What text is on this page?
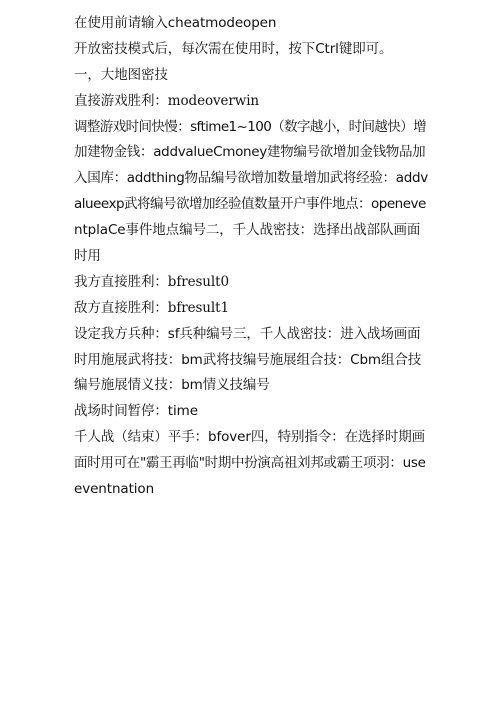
在使用前请输入cheatmodeopen
开放密技模式后，每次需在使用时，按下Ctrl键即可。
一，大地图密技
直接游戏胜利：modeoverwin
调整游戏时间快慢：sftime1~100（数字越小，时间越快）增
加建物金钱：addvalueCmoney建物编号欲增加金钱物品加
入国库：addthing物品编号欲增加数量增加武将经验：addv
alueexp武将编号欲增加经验值数量开户事件地点：openeve
ntplaCe事件地点编号二，千人战密技：选择出战部队画面
时用
我方直接胜利：bfresult0
敌方直接胜利：bfresult1
设定我方兵种：sf兵种编号三，千人战密技：进入战场画面
时用施展武将技：bm武将技编号施展组合技：Cbm组合技
编号施展情义技：bm情义技编号
战场时间暂停：time
千人战（结束）平手：bfover四，特别指令：在选择时期画
面时用可在"霸王再临"时期中扮演高祖刘邦或霸王项羽：use
eventnation
